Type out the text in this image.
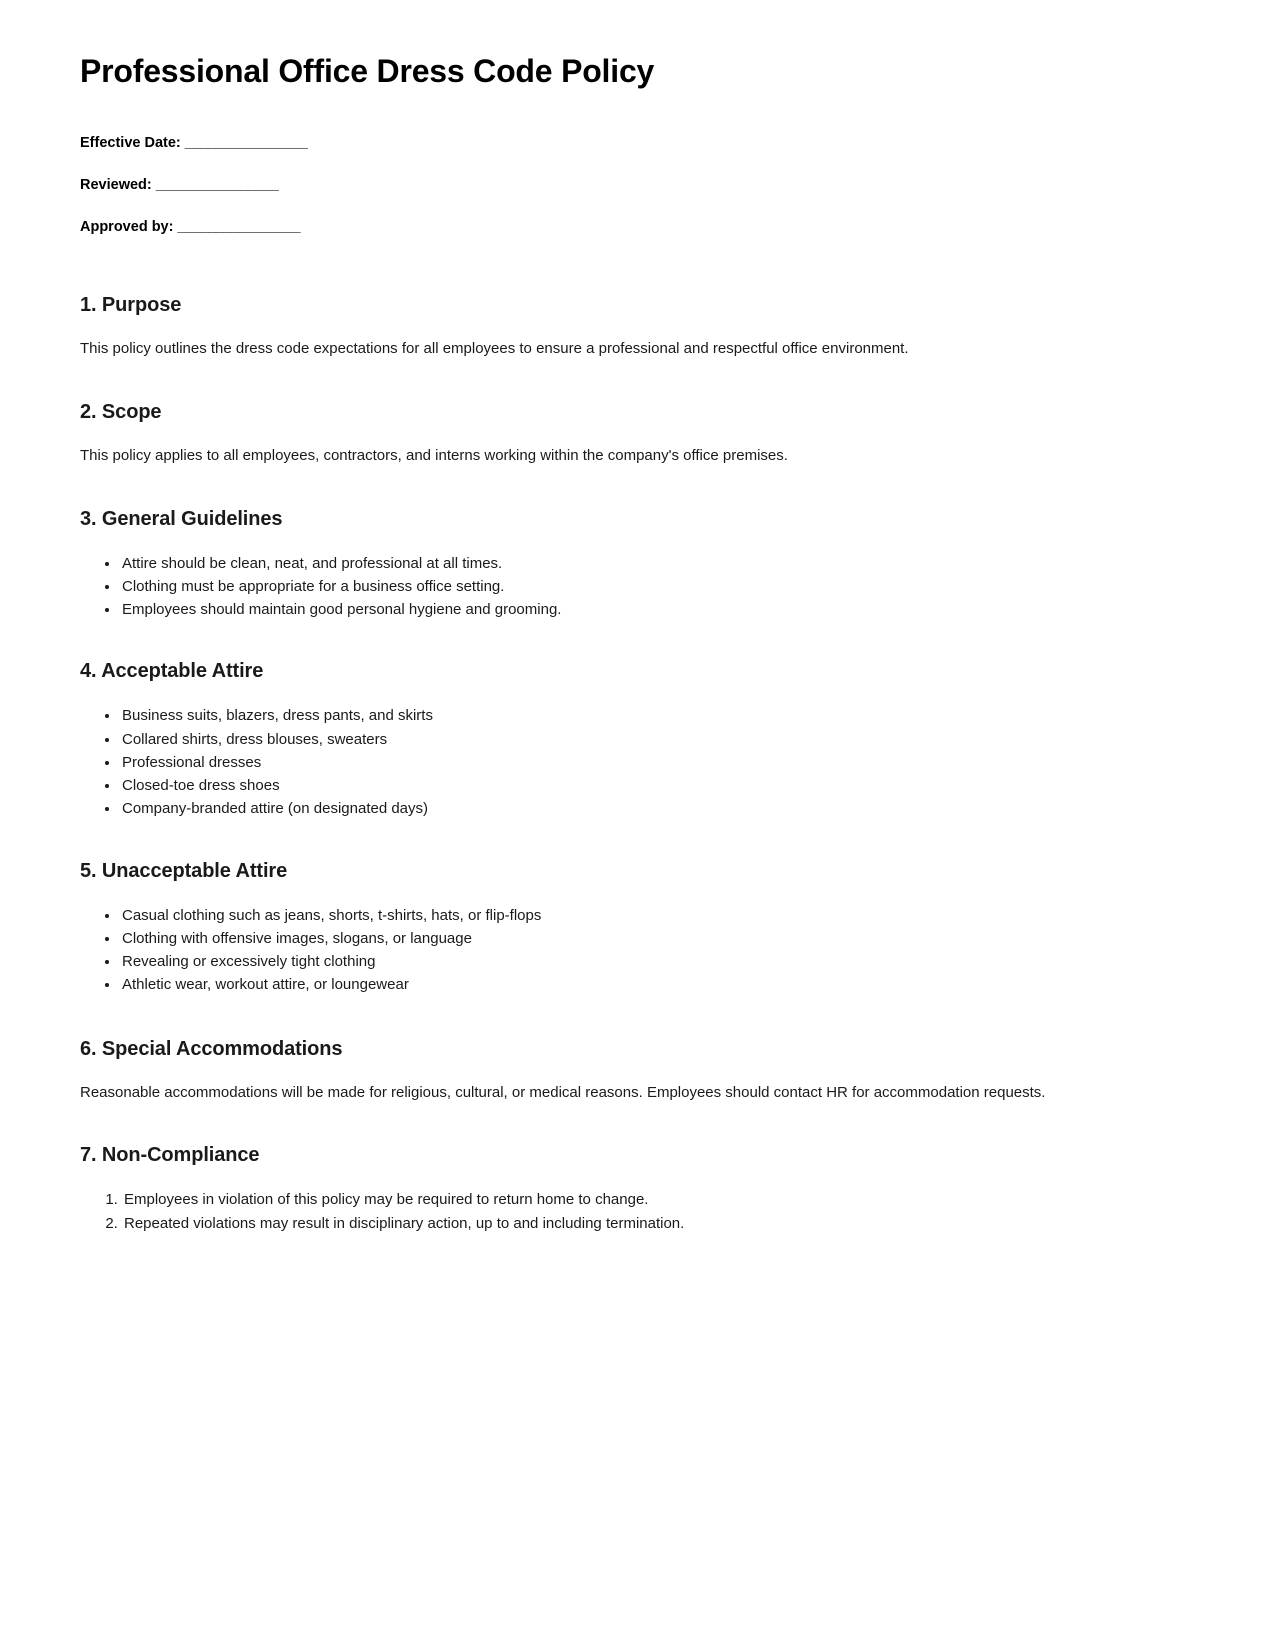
Professional Office Dress Code Policy
Effective Date: ________________
Reviewed: ________________
Approved by: ________________
1. Purpose

This policy outlines the dress code expectations for all employees to ensure a professional and respectful office environment.

2. Scope

This policy applies to all employees, contractors, and interns working within the company's office premises.

3. General Guidelines
• Attire should be clean, neat, and professional at all times.
• Clothing must be appropriate for a business office setting.
• Employees should maintain good personal hygiene and grooming.
4. Acceptable Attire
• Business suits, blazers, dress pants, and skirts
• Collared shirts, dress blouses, sweaters
• Professional dresses
• Closed-toe dress shoes
• Company-branded attire (on designated days)
5. Unacceptable Attire
• Casual clothing such as jeans, shorts, t-shirts, hats, or flip-flops
• Clothing with offensive images, slogans, or language
• Revealing or excessively tight clothing
• Athletic wear, workout attire, or loungewear
6. Special Accommodations

Reasonable accommodations will be made for religious, cultural, or medical reasons. Employees should contact HR for accommodation requests.

7. Non-Compliance
1. Employees in violation of this policy may be required to return home to change.
2. Repeated violations may result in disciplinary action, up to and including termination.
